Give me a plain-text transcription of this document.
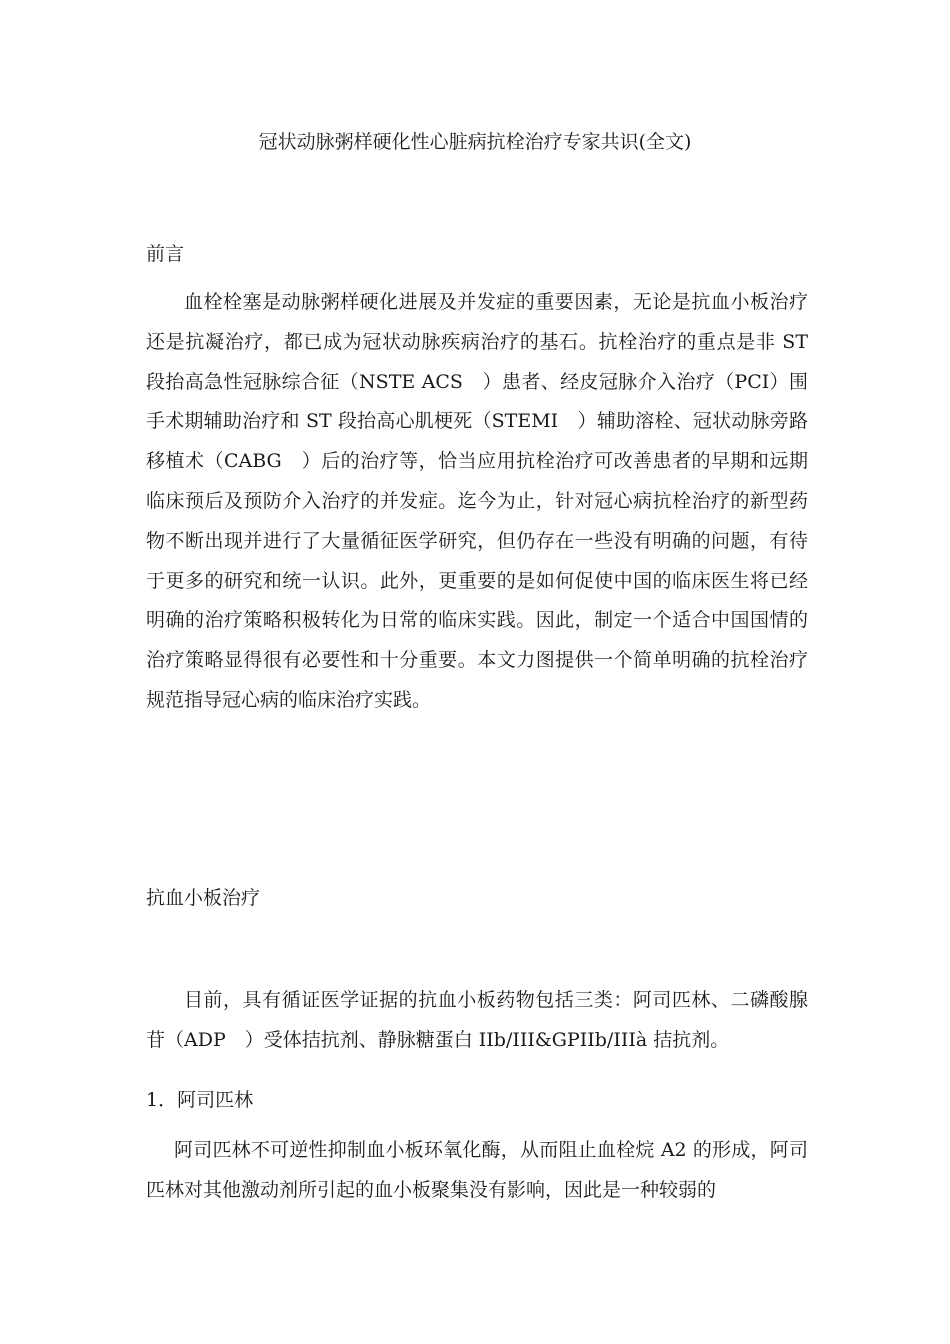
冠状动脉粥样硬化性心脏病抗栓治疗专家共识(全文)
前言
血栓栓塞是动脉粥样硬化进展及并发症的重要因素，无论是抗血小板治疗还是抗凝治疗，都已成为冠状动脉疾病治疗的基石。抗栓治疗的重点是非 ST 段抬高急性冠脉综合征（NSTE ACS　）患者、经皮冠脉介入治疗（PCI）围手术期辅助治疗和 ST 段抬高心肌梗死（STEMI　）辅助溶栓、冠状动脉旁路移植术（CABG　）后的治疗等，恰当应用抗栓治疗可改善患者的早期和远期临床预后及预防介入治疗的并发症。迄今为止，针对冠心病抗栓治疗的新型药物不断出现并进行了大量循征医学研究，但仍存在一些没有明确的问题，有待于更多的研究和统一认识。此外，更重要的是如何促使中国的临床医生将已经明确的治疗策略积极转化为日常的临床实践。因此，制定一个适合中国国情的治疗策略显得很有必要性和十分重要。本文力图提供一个简单明确的抗栓治疗规范指导冠心病的临床治疗实践。
抗血小板治疗
目前，具有循证医学证据的抗血小板药物包括三类：阿司匹林、二磷酸腺苷（ADP　）受体拮抗剂、静脉糖蛋白 IIb/III&GPIIb/IIIà 拮抗剂。
1．阿司匹林
阿司匹林不可逆性抑制血小板环氧化酶，从而阻止血栓烷 A2 的形成，阿司匹林对其他激动剂所引起的血小板聚集没有影响，因此是一种较弱的
